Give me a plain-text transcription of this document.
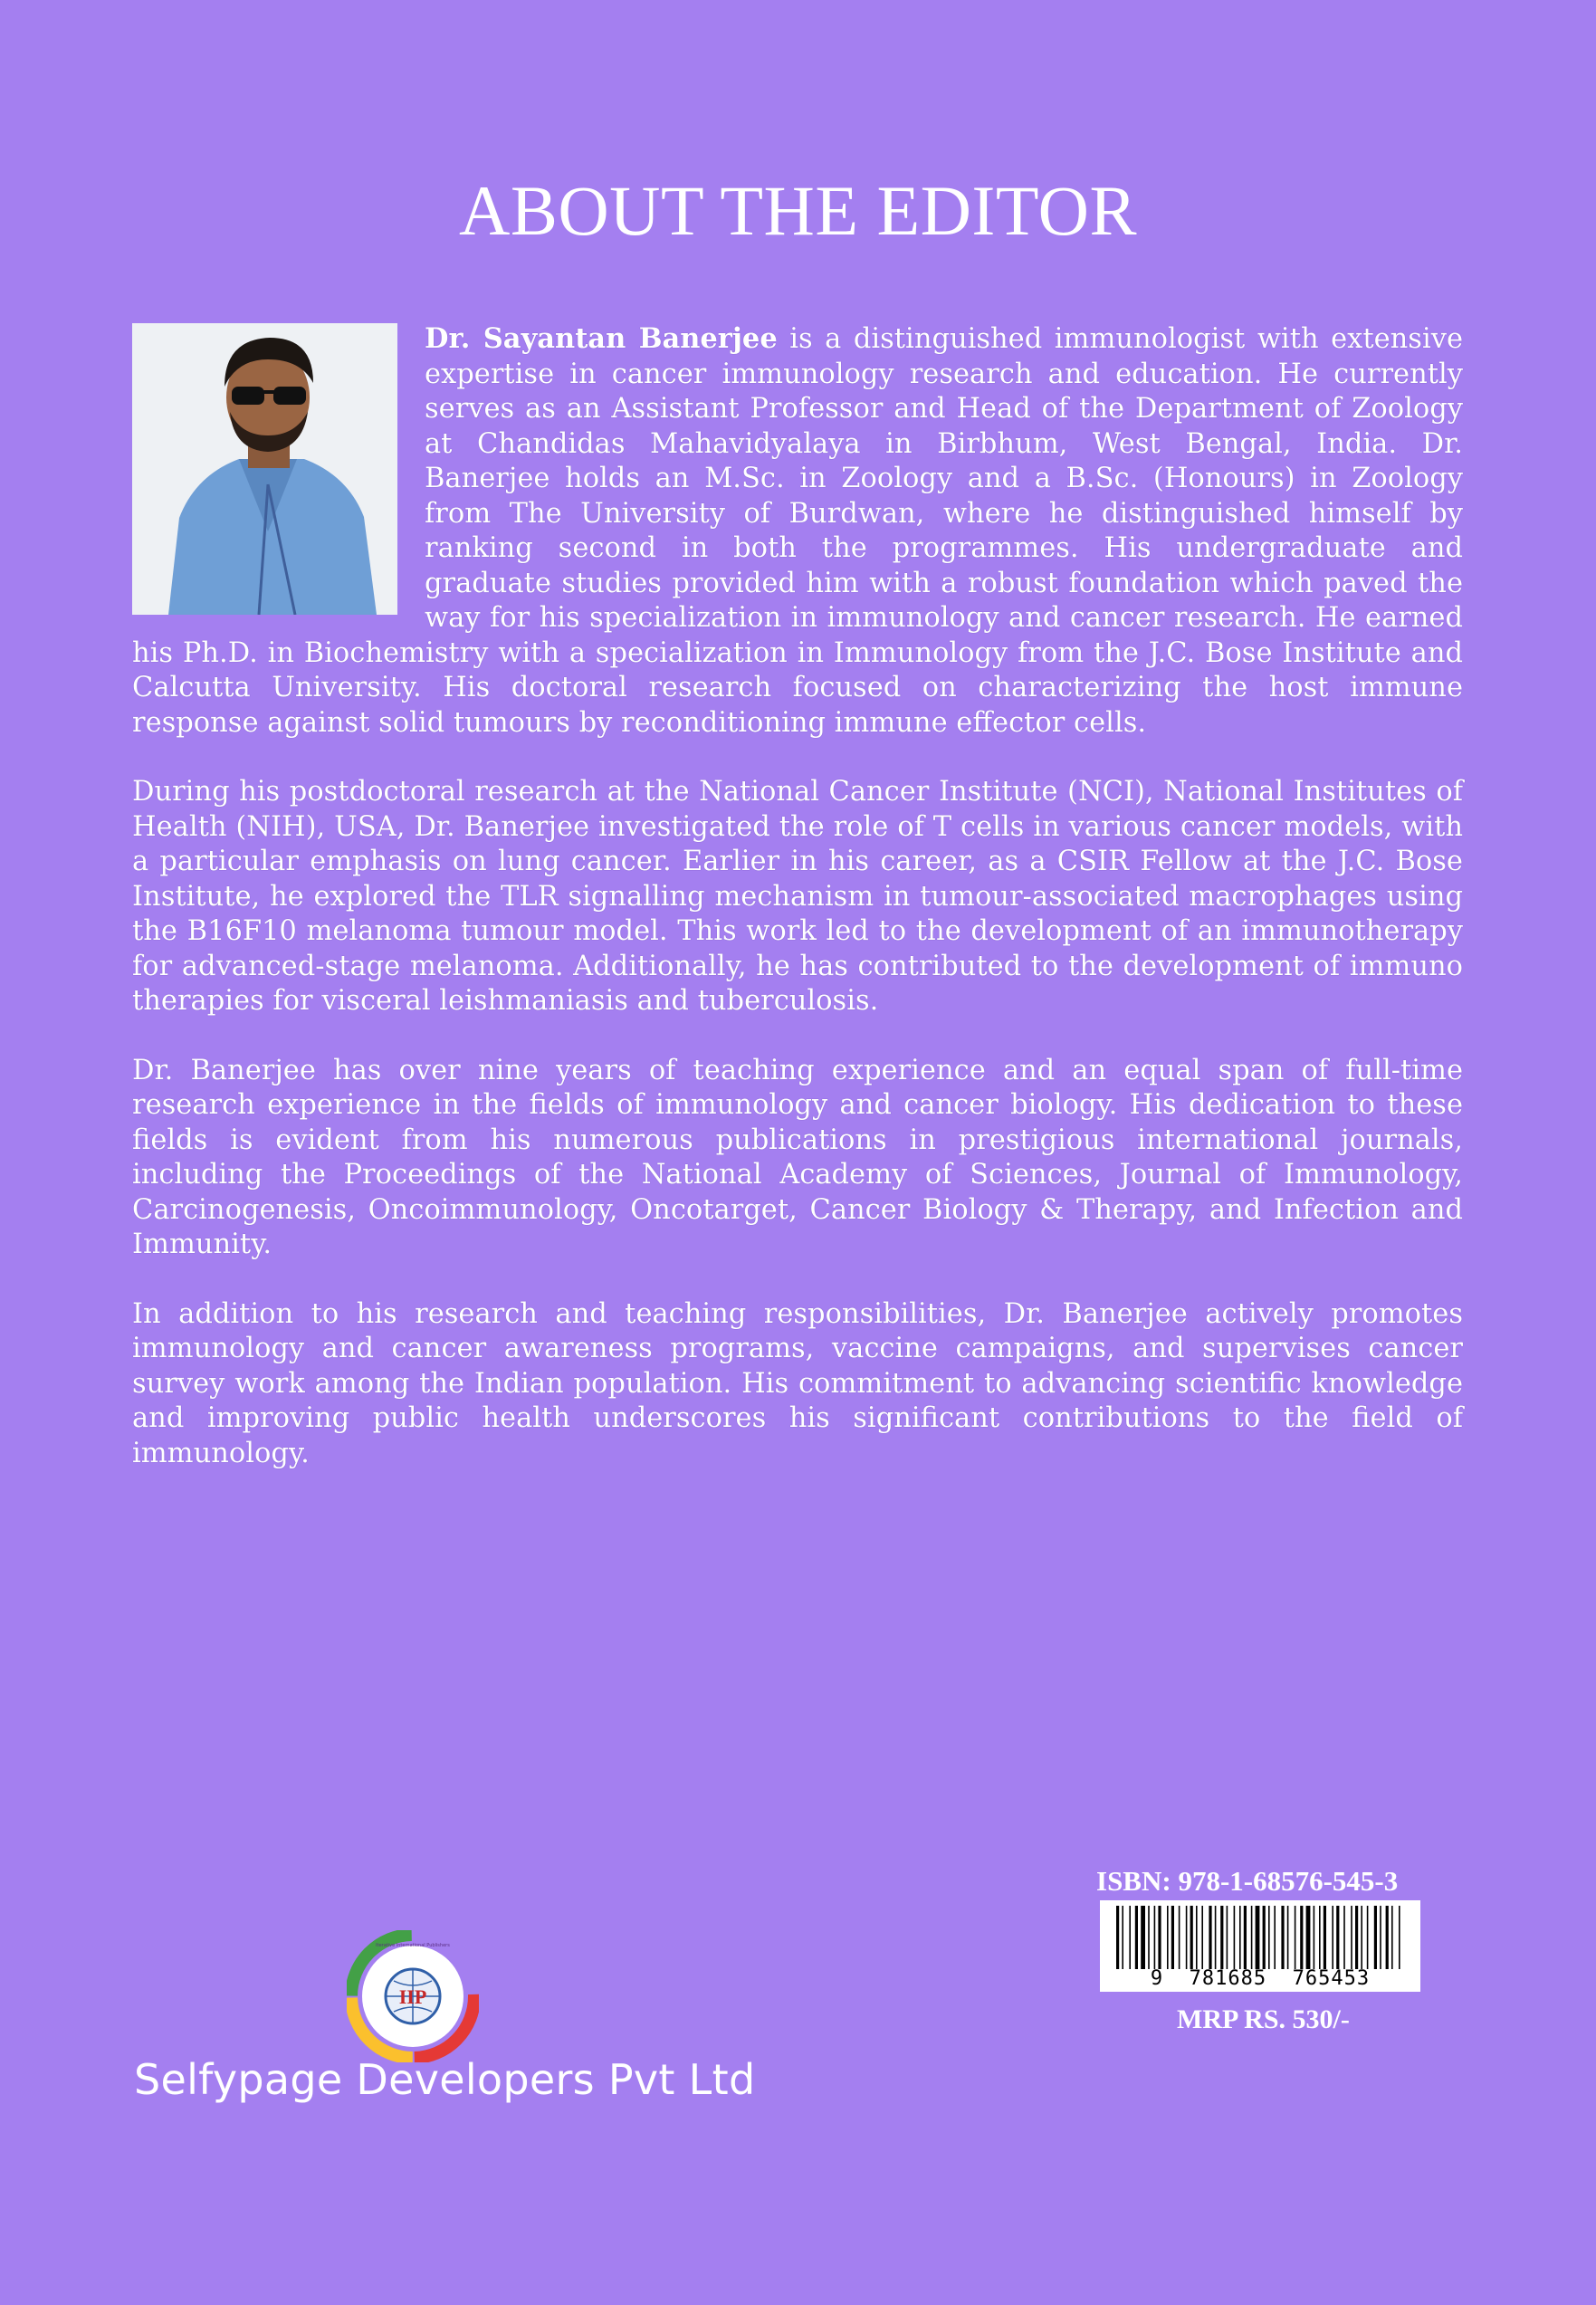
ABOUT THE EDITOR

Dr. Sayantan Banerjee is a distinguished immunologist with extensive expertise in cancer immunology research and education. He currently serves as an Assistant Professor and Head of the Department of Zoology at Chandidas Mahavidyalaya in Birbhum, West Bengal, India. Dr. Banerjee holds an M.Sc. in Zoology and a B.Sc. (Honours) in Zoology from The University of Burdwan, where he distinguished himself by ranking second in both the programmes. His undergraduate and graduate studies provided him with a robust foundation which paved the way for his specialization in immunology and cancer research. He earned his Ph.D. in Biochemistry with a specialization in Immunology from the J.C. Bose Institute and Calcutta University. His doctoral research focused on characterizing the host immune response against solid tumours by reconditioning immune effector cells.

During his postdoctoral research at the National Cancer Institute (NCI), National Institutes of Health (NIH), USA, Dr. Banerjee investigated the role of T cells in various cancer models, with a particular emphasis on lung cancer. Earlier in his career, as a CSIR Fellow at the J.C. Bose Institute, he explored the TLR signalling mechanism in tumour-associated macrophages using the B16F10 melanoma tumour model. This work led to the development of an immunotherapy for advanced-stage melanoma. Additionally, he has contributed to the development of immuno therapies for visceral leishmaniasis and tuberculosis.

Dr. Banerjee has over nine years of teaching experience and an equal span of full-time research experience in the fields of immunology and cancer biology. His dedication to these fields is evident from his numerous publications in prestigious international journals, including the Proceedings of the National Academy of Sciences, Journal of Immunology, Carcinogenesis, Oncoimmunology, Oncotarget, Cancer Biology & Therapy, and Infection and Immunity.

In addition to his research and teaching responsibilities, Dr. Banerjee actively promotes immunology and cancer awareness programs, vaccine campaigns, and supervises cancer survey work among the Indian population. His commitment to advancing scientific knowledge and improving public health underscores his significant contributions to the field of immunology.

IIP
Iterative International Publishers
Selfypage Developers Pvt Ltd
ISBN: 978-1-68576-545-3
9  781685  765453
MRP RS. 530/-
